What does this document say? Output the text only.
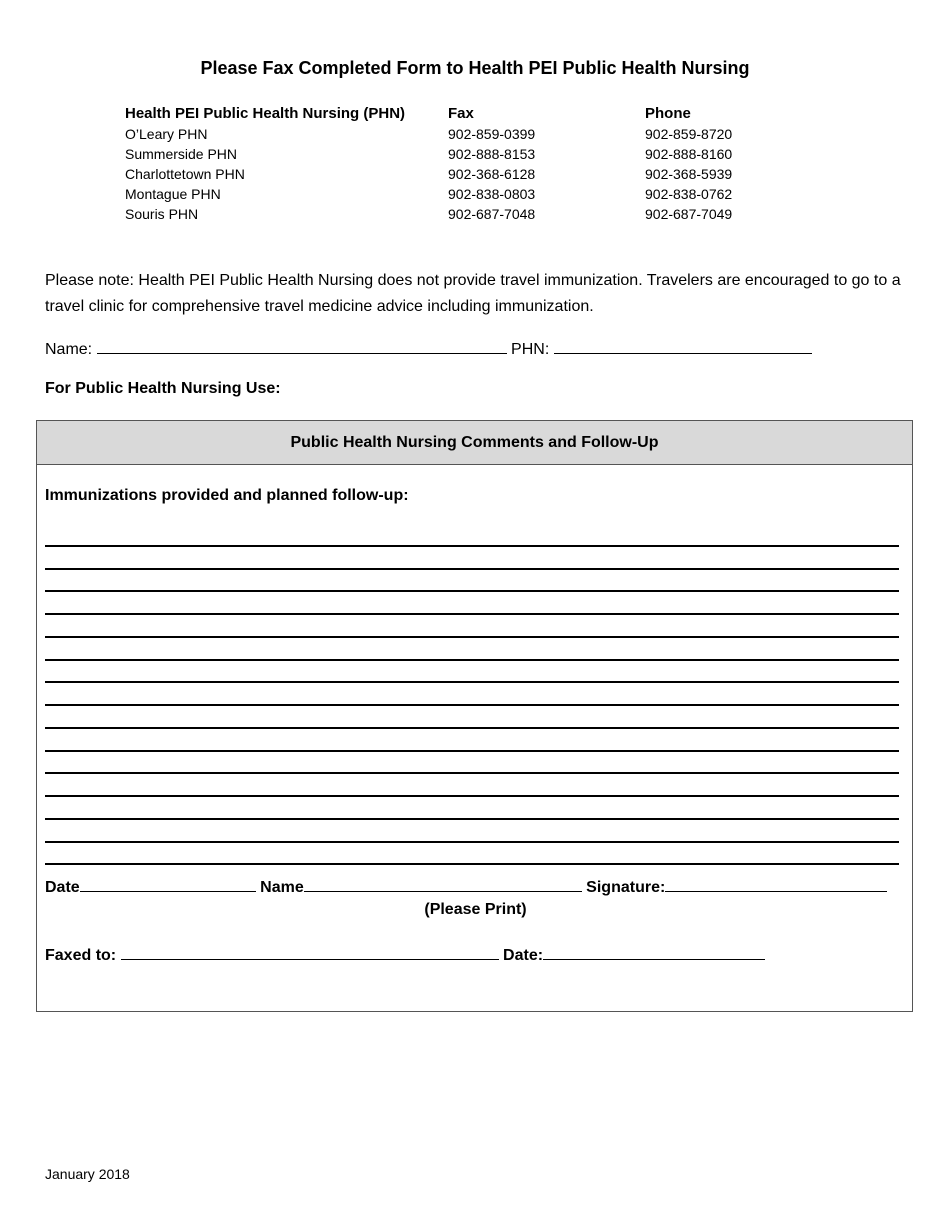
Please Fax Completed Form to Health PEI Public Health Nursing
Health PEI Public Health Nursing (PHN)	Fax	Phone
O’Leary PHN	902-859-0399	902-859-8720
Summerside PHN	902-888-8153	902-888-8160
Charlottetown PHN	902-368-6128	902-368-5939
Montague PHN	902-838-0803	902-838-0762
Souris PHN	902-687-7048	902-687-7049
Please note: Health PEI Public Health Nursing does not provide travel immunization. Travelers are encouraged to go to a travel clinic for comprehensive travel medicine advice including immunization.
Name:	PHN:
For Public Health Nursing Use:
Public Health Nursing Comments and Follow-Up
Immunizations provided and planned follow-up:
Date	Name	Signature:
(Please Print)
Faxed to:	Date:
January 2018
